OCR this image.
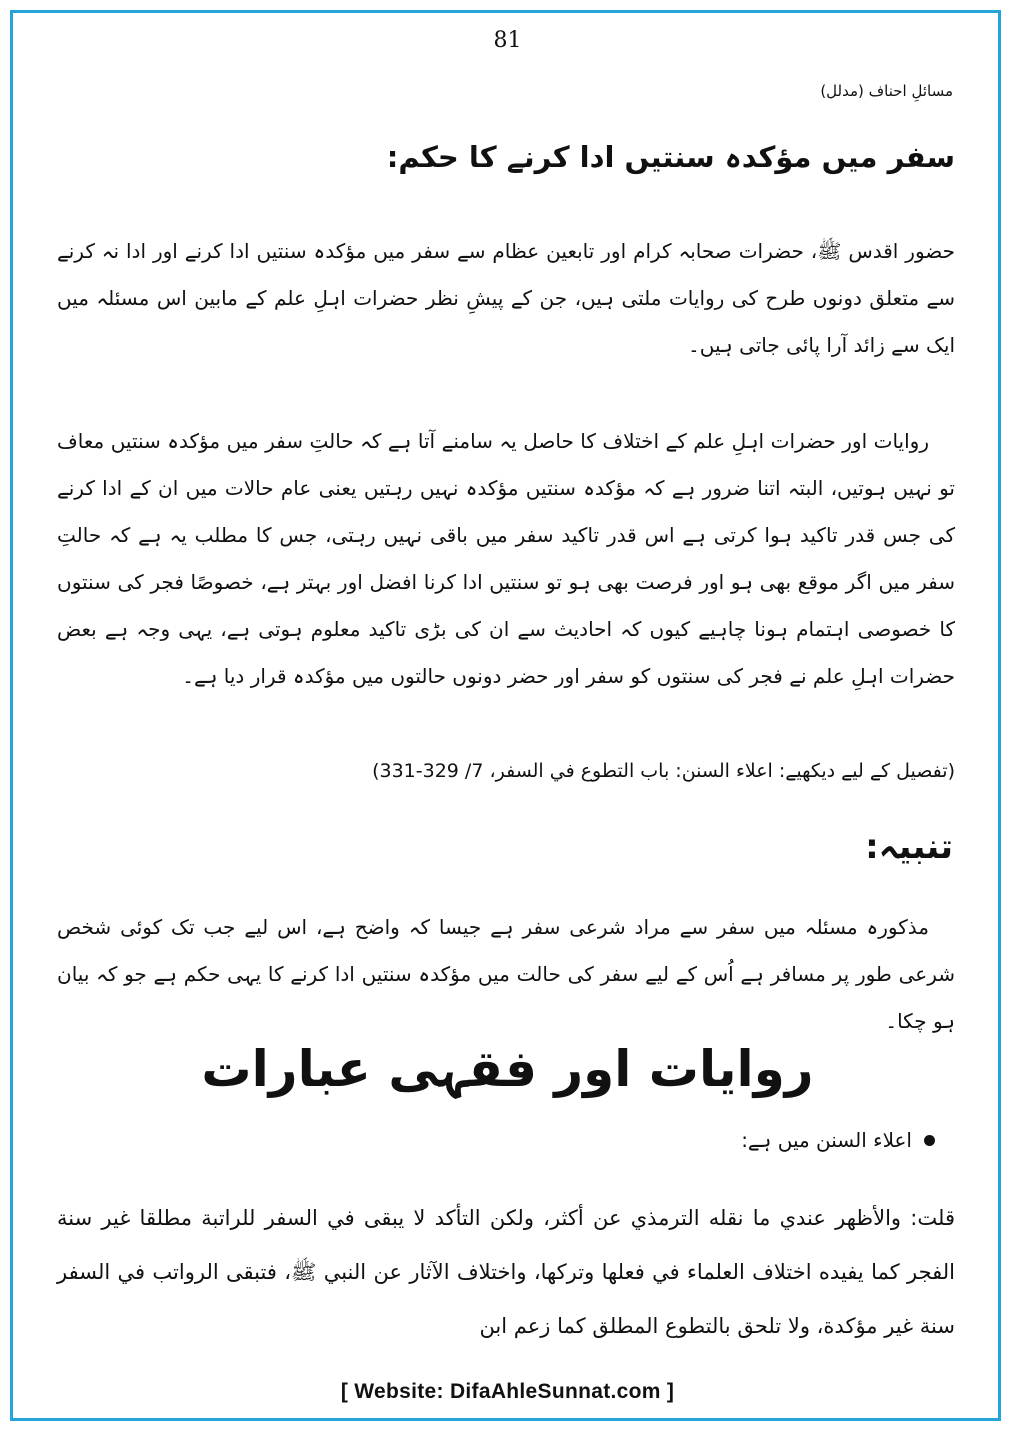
81
مسائلِ احناف (مدلل)
سفر میں مؤکدہ سنتیں ادا کرنے کا حکم:

حضور اقدس ﷺ، حضرات صحابہ کرام اور تابعین عظام سے سفر میں مؤکدہ سنتیں ادا کرنے اور ادا نہ کرنے سے متعلق دونوں طرح کی روایات ملتی ہیں، جن کے پیشِ نظر حضرات اہلِ علم کے مابین اس مسئلہ میں ایک سے زائد آرا پائی جاتی ہیں۔

روایات اور حضرات اہلِ علم کے اختلاف کا حاصل یہ سامنے آتا ہے کہ حالتِ سفر میں مؤکدہ سنتیں معاف تو نہیں ہوتیں، البتہ اتنا ضرور ہے کہ مؤکدہ سنتیں مؤکدہ نہیں رہتیں یعنی عام حالات میں ان کے ادا کرنے کی جس قدر تاکید ہوا کرتی ہے اس قدر تاکید سفر میں باقی نہیں رہتی، جس کا مطلب یہ ہے کہ حالتِ سفر میں اگر موقع بھی ہو اور فرصت بھی ہو تو سنتیں ادا کرنا افضل اور بہتر ہے، خصوصًا فجر کی سنتوں کا خصوصی اہتمام ہونا چاہیے کیوں کہ احادیث سے ان کی بڑی تاکید معلوم ہوتی ہے، یہی وجہ ہے بعض حضرات اہلِ علم نے فجر کی سنتوں کو سفر اور حضر دونوں حالتوں میں مؤکدہ قرار دیا ہے۔

(تفصیل کے لیے دیکھیے: اعلاء السنن: باب التطوع في السفر، 7/ 329-331)
تنبیہ:

مذکورہ مسئلہ میں سفر سے مراد شرعی سفر ہے جیسا کہ واضح ہے، اس لیے جب تک کوئی شخص شرعی طور پر مسافر ہے اُس کے لیے سفر کی حالت میں مؤکدہ سنتیں ادا کرنے کا یہی حکم ہے جو کہ بیان ہو چکا۔

روایات اور فقہی عبارات
اعلاء السنن میں ہے:

قلت: والأظهر عندي ما نقله الترمذي عن أكثر، ولكن التأكد لا يبقى في السفر للراتبة مطلقا غير سنة الفجر كما يفيده اختلاف العلماء في فعلها وتركها، واختلاف الآثار عن النبي ﷺ، فتبقى الرواتب في السفر سنة غير مؤكدة، ولا تلحق بالتطوع المطلق كما زعم ابن

[ Website: DifaAhleSunnat.com ]
